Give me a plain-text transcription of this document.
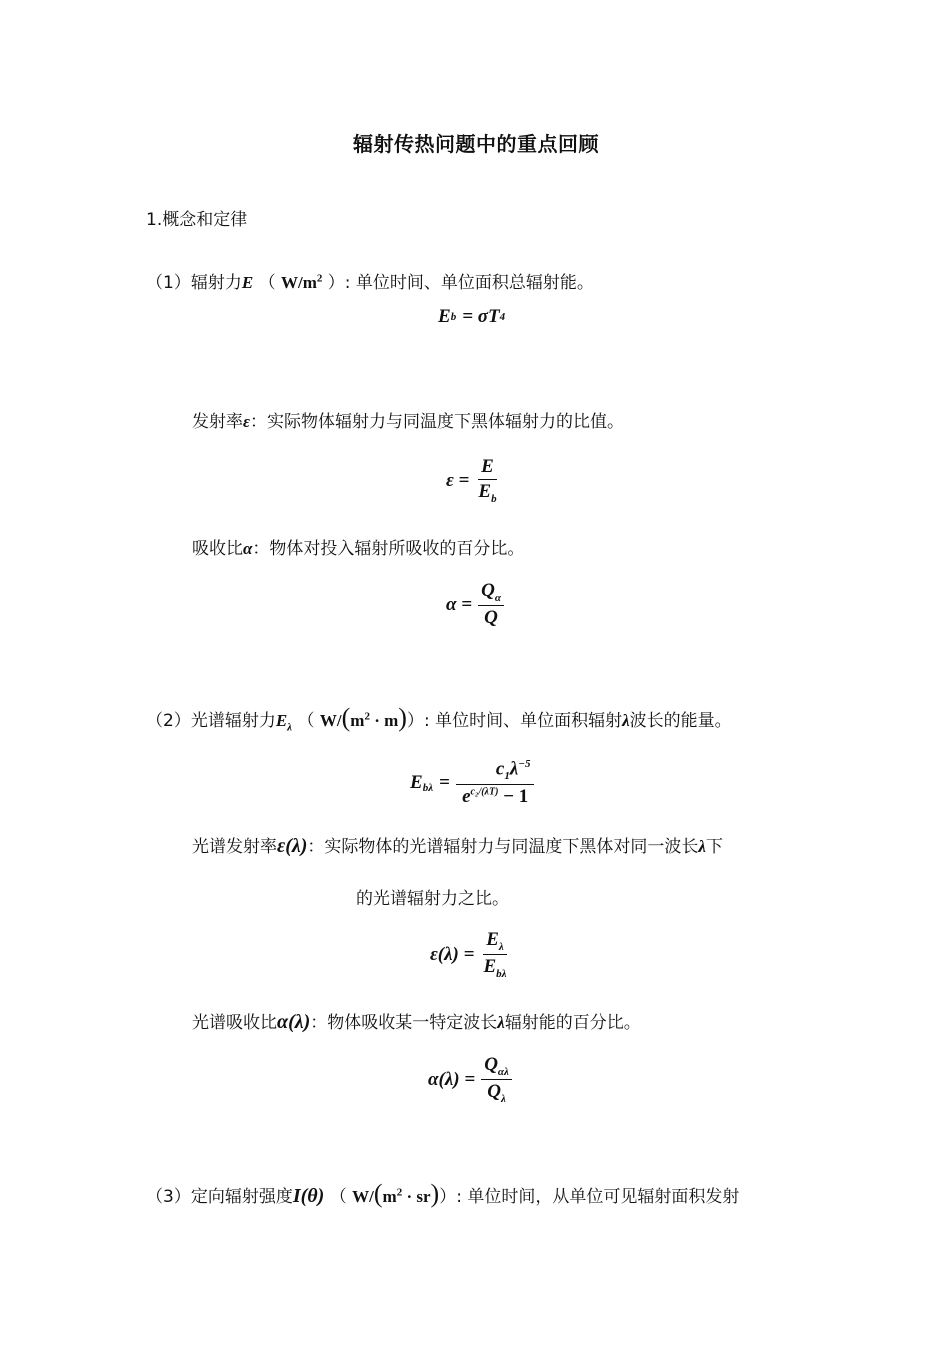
辐射传热问题中的重点回顾
1.概念和定律
（1）辐射力E （ $W/m^2$ ）: 单位时间、单位面积总辐射能。
E b = σT 4
发射率ε：实际物体辐射力与同温度下黑体辐射力的比值。
$\varepsilon = \frac{E}{E_b}$
吸收比α：物体对投入辐射所吸收的百分比。
$\alpha = \frac{Q_\alpha}{Q}$
（2）光谱辐射力$E_\lambda$ （ $W/(m^2 \cdot m)$）: 单位时间、单位面积辐射λ波长的能量。
$E_{b\lambda} = \frac{c_1\lambda^{-5}}{e^{c_2/(\lambda T)} - 1}$
光谱发射率ε(λ)：实际物体的光谱辐射力与同温度下黑体对同一波长λ下
的光谱辐射力之比。
$\varepsilon(\lambda) = \frac{E_\lambda}{E_{b\lambda}}$
光谱吸收比α(λ)：物体吸收某一特定波长λ辐射能的百分比。
$\alpha(\lambda) = \frac{Q_{\alpha\lambda}}{Q_\lambda}$
（3）定向辐射强度I(θ) （ $W/(m^2 \cdot sr)$）: 单位时间，从单位可见辐射面积发射
